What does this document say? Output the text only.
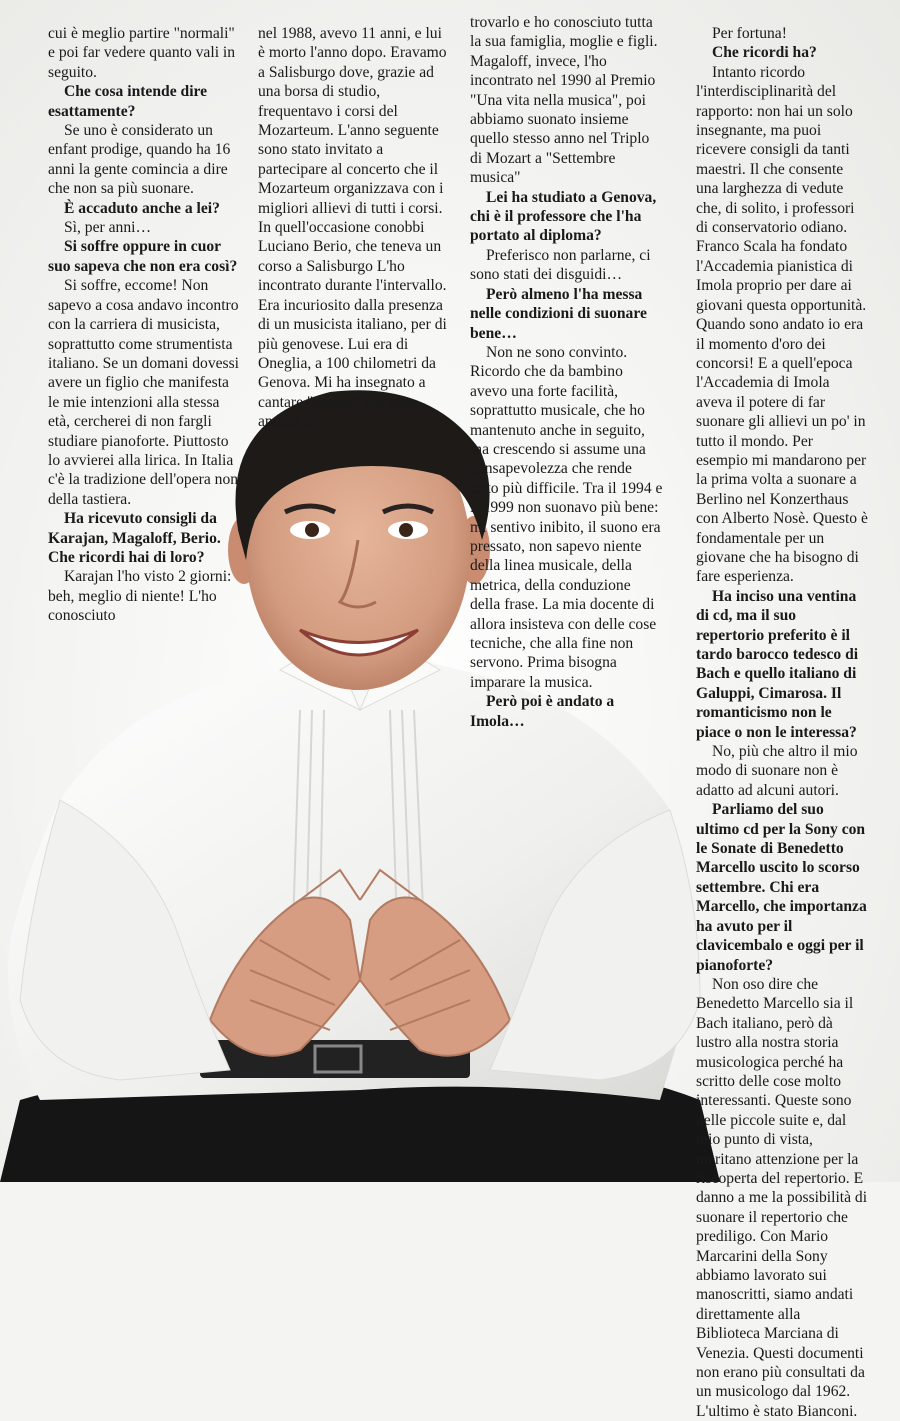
cui è meglio partire "normali" e poi far vedere quanto vali in seguito.

Che cosa intende dire esattamente?

Se uno è considerato un enfant prodige, quando ha 16 anni la gente comincia a dire che non sa più suonare.

È accaduto anche a lei?

Sì, per anni…

Si soffre oppure in cuor suo sapeva che non era così?

Si soffre, eccome! Non sapevo a cosa andavo incontro con la carriera di musicista, soprattutto come strumentista italiano. Se un domani dovessi avere un figlio che manifesta le mie intenzioni alla stessa età, cercherei di non fargli studiare pianoforte. Piuttosto lo avvierei alla lirica. In Italia c'è la tradizione dell'opera non della tastiera.

Ha ricevuto consigli da Karajan, Magaloff, Berio. Che ricordi hai di loro?

Karajan l'ho visto 2 giorni: beh, meglio di niente! L'ho conosciuto

nel 1988, avevo 11 anni, e lui è morto l'anno dopo. Eravamo a Salisburgo dove, grazie ad una borsa di studio, frequentavo i corsi del Mozarteum. L'anno seguente sono stato invitato a partecipare al concerto che il Mozarteum organizzava con i migliori allievi di tutti i corsi. In quell'occasione conobbi Luciano Berio, che teneva un corso a Salisburgo L'ho incontrato durante l'intervallo. Era incuriosito dalla presenza di un musicista italiano, per di più genovese. Lui era di Oneglia, a 100 chilometri da Genova. Mi ha insegnato a cantare "dentro" Poi sono andato a

trovarlo e ho conosciuto tutta la sua famiglia, moglie e figli. Magaloff, invece, l'ho incontrato nel 1990 al Premio "Una vita nella musica", poi abbiamo suonato insieme quello stesso anno nel Triplo di Mozart a "Settembre musica"

Lei ha studiato a Genova, chi è il professore che l'ha portato al diploma?

Preferisco non parlarne, ci sono stati dei disguidi…

Però almeno l'ha messa nelle condizioni di suonare bene…

Non ne sono convinto. Ricordo che da bambino avevo una forte facilità, soprattutto musicale, che ho mantenuto anche in seguito, ma crescendo si assume una consapevolezza che rende tutto più difficile. Tra il 1994 e il 1999 non suonavo più bene: mi sentivo inibito, il suono era pressato, non sapevo niente della linea musicale, della metrica, della conduzione della frase. La mia docente di allora insisteva con delle cose tecniche, che alla fine non servono. Prima bisogna imparare la musica.

Però poi è andato a Imola…

Per fortuna!

Che ricordi ha?

Intanto ricordo l'interdisciplinarità del rapporto: non hai un solo insegnante, ma puoi ricevere consigli da tanti maestri. Il che consente una larghezza di vedute che, di solito, i professori di conservatorio odiano. Franco Scala ha fondato l'Accademia pianistica di Imola proprio per dare ai giovani questa opportunità. Quando sono andato io era il momento d'oro dei concorsi! E a quell'epoca l'Accademia di Imola aveva il potere di far suonare gli allievi un po' in tutto il mondo. Per esempio mi mandarono per la prima volta a suonare a Berlino nel Konzerthaus con Alberto Nosè. Questo è fondamentale per un giovane che ha bisogno di fare esperienza.

Ha inciso una ventina di cd, ma il suo repertorio preferito è il tardo barocco tedesco di Bach e quello italiano di Galuppi, Cimarosa. Il romanticismo non le piace o non le interessa?

No, più che altro il mio modo di suonare non è adatto ad alcuni autori.

Parliamo del suo ultimo cd per la Sony con le Sonate di Benedetto Marcello uscito lo scorso settembre. Chi era Marcello, che importanza ha avuto per il clavicembalo e oggi per il pianoforte?

Non oso dire che Benedetto Marcello sia il Bach italiano, però dà lustro alla nostra storia musicologica perché ha scritto delle cose molto interessanti. Queste sono delle piccole suite e, dal mio punto di vista, meritano attenzione per la riscoperta del repertorio. E danno a me la possibilità di suonare il repertorio che prediligo. Con Mario Marcarini della Sony abbiamo lavorato sui manoscritti, siamo andati direttamente alla Biblioteca Marciana di Venezia. Questi documenti non erano più consultati da un musicologo dal 1962. L'ultimo è stato Bianconi.
